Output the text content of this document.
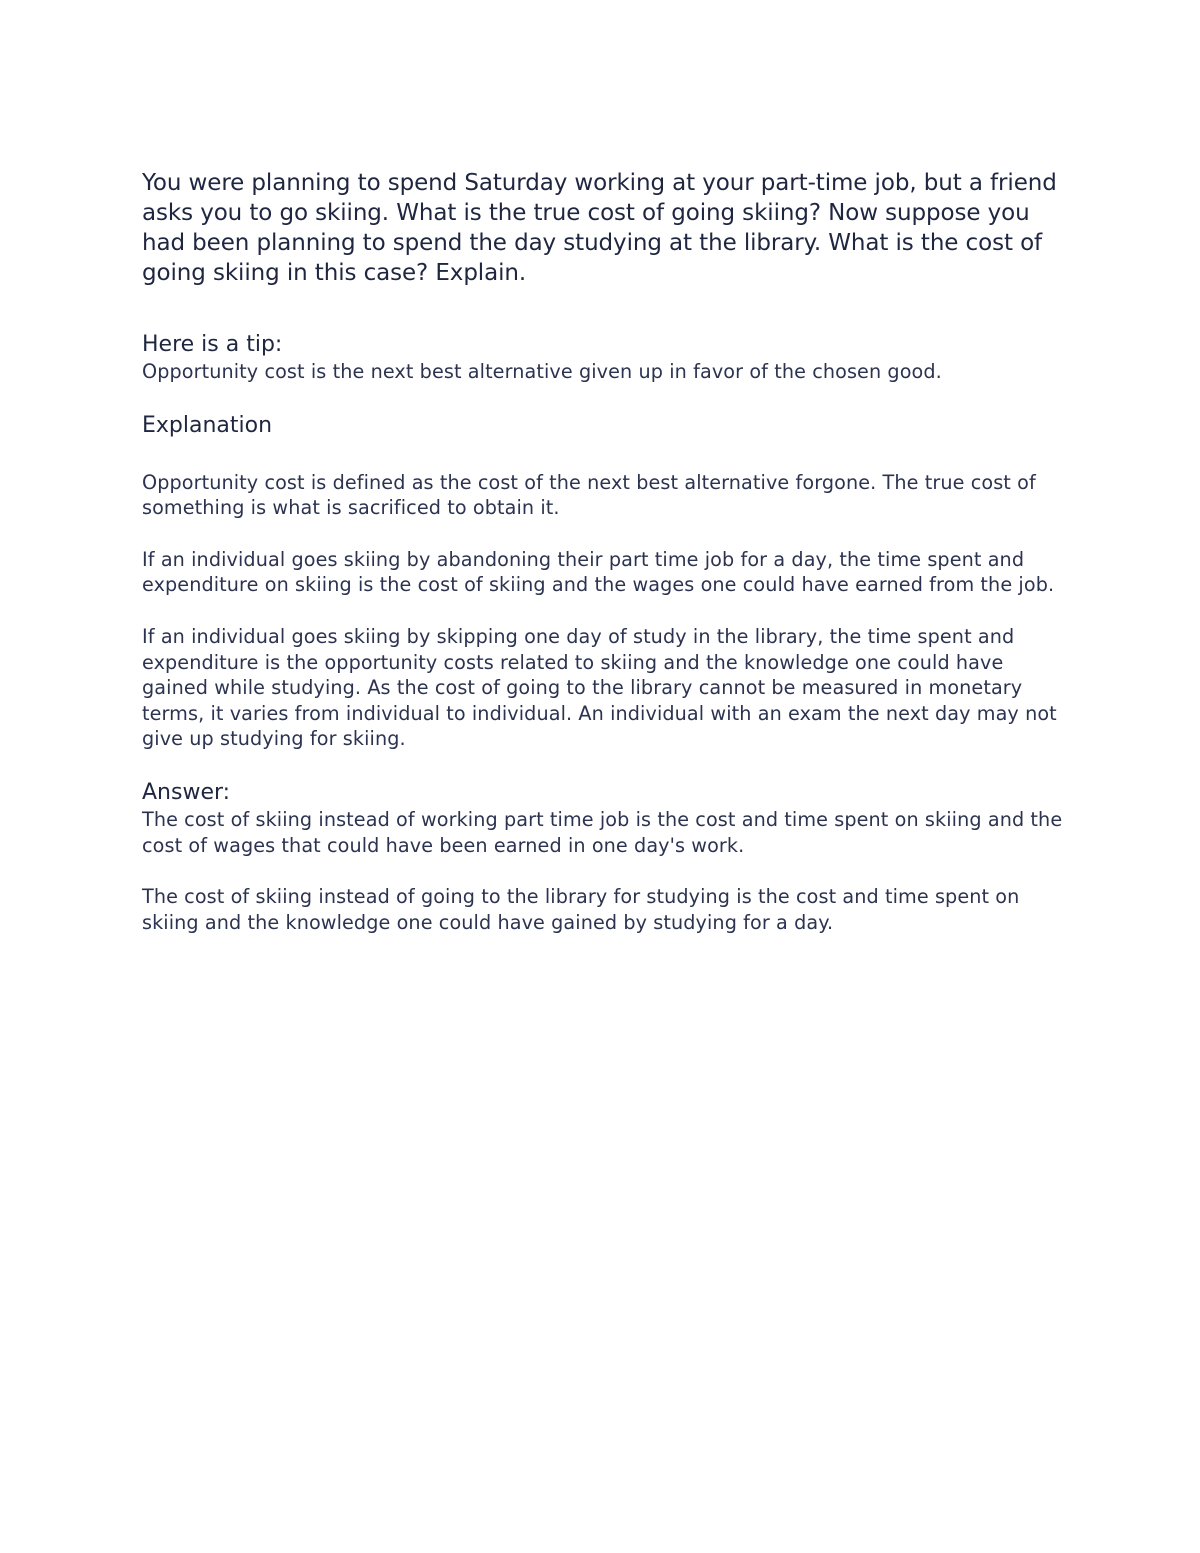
You were planning to spend Saturday working at your part-time job, but a friend asks you to go skiing. What is the true cost of going skiing? Now suppose you had been planning to spend the day studying at the library. What is the cost of going skiing in this case? Explain.

Here is a tip:

Opportunity cost is the next best alternative given up in favor of the chosen good.

Explanation

Opportunity cost is defined as the cost of the next best alternative forgone. The true cost of something is what is sacrificed to obtain it.

If an individual goes skiing by abandoning their part time job for a day, the time spent and expenditure on skiing is the cost of skiing and the wages one could have earned from the job.

If an individual goes skiing by skipping one day of study in the library, the time spent and expenditure is the opportunity costs related to skiing and the knowledge one could have gained while studying. As the cost of going to the library cannot be measured in monetary terms, it varies from individual to individual. An individual with an exam the next day may not give up studying for skiing.

Answer:

The cost of skiing instead of working part time job is the cost and time spent on skiing and the cost of wages that could have been earned in one day's work.

The cost of skiing instead of going to the library for studying is the cost and time spent on skiing and the knowledge one could have gained by studying for a day.
